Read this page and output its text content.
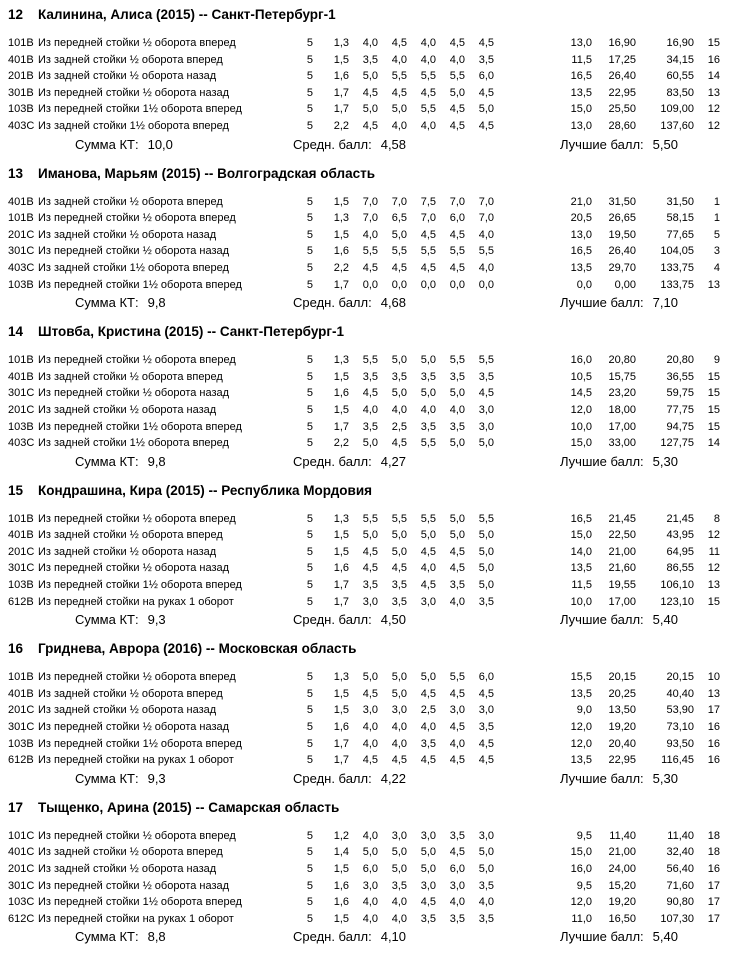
12	Калинина, Алиса (2015) -- Санкт-Петербург-1
101В Из передней стойки ½ оборота вперед	5	1,3	4,0	4,5	4,0	4,5	4,5	13,0	16,90	16,90	15
401В Из задней стойки ½ оборота вперед	5	1,5	3,5	4,0	4,0	4,0	3,5	11,5	17,25	34,15	16
201В Из задней стойки ½ оборота назад	5	1,6	5,0	5,5	5,5	5,5	6,0	16,5	26,40	60,55	14
301В Из передней стойки ½ оборота назад	5	1,7	4,5	4,5	4,5	5,0	4,5	13,5	22,95	83,50	13
103В Из передней стойки 1½ оборота вперед	5	1,7	5,0	5,0	5,5	4,5	5,0	15,0	25,50	109,00	12
403С Из задней стойки 1½ оборота вперед	5	2,2	4,5	4,0	4,0	4,5	4,5	13,0	28,60	137,60	12
Сумма КТ: 10,0	Средн. балл: 4,58	Лучшие балл: 5,50
13	Иманова, Марьям (2015) -- Волгоградская область
401В Из задней стойки ½ оборота вперед	5	1,5	7,0	7,0	7,5	7,0	7,0	21,0	31,50	31,50	1
101В Из передней стойки ½ оборота вперед	5	1,3	7,0	6,5	7,0	6,0	7,0	20,5	26,65	58,15	1
201С Из задней стойки ½ оборота назад	5	1,5	4,0	5,0	4,5	4,5	4,0	13,0	19,50	77,65	5
301С Из передней стойки ½ оборота назад	5	1,6	5,5	5,5	5,5	5,5	5,5	16,5	26,40	104,05	3
403С Из задней стойки 1½ оборота вперед	5	2,2	4,5	4,5	4,5	4,5	4,0	13,5	29,70	133,75	4
103В Из передней стойки 1½ оборота вперед	5	1,7	0,0	0,0	0,0	0,0	0,0	0,0	0,00	133,75	13
Сумма КТ: 9,8	Средн. балл: 4,68	Лучшие балл: 7,10
14	Штовба, Кристина (2015) -- Санкт-Петербург-1
101В Из передней стойки ½ оборота вперед	5	1,3	5,5	5,0	5,0	5,5	5,5	16,0	20,80	20,80	9
401В Из задней стойки ½ оборота вперед	5	1,5	3,5	3,5	3,5	3,5	3,5	10,5	15,75	36,55	15
301С Из передней стойки ½ оборота назад	5	1,6	4,5	5,0	5,0	5,0	4,5	14,5	23,20	59,75	15
201С Из задней стойки ½ оборота назад	5	1,5	4,0	4,0	4,0	4,0	3,0	12,0	18,00	77,75	15
103В Из передней стойки 1½ оборота вперед	5	1,7	3,5	2,5	3,5	3,5	3,0	10,0	17,00	94,75	15
403С Из задней стойки 1½ оборота вперед	5	2,2	5,0	4,5	5,5	5,0	5,0	15,0	33,00	127,75	14
Сумма КТ: 9,8	Средн. балл: 4,27	Лучшие балл: 5,30
15	Кондрашина, Кира (2015) -- Республика Мордовия
101В Из передней стойки ½ оборота вперед	5	1,3	5,5	5,5	5,5	5,0	5,5	16,5	21,45	21,45	8
401В Из задней стойки ½ оборота вперед	5	1,5	5,0	5,0	5,0	5,0	5,0	15,0	22,50	43,95	12
201С Из задней стойки ½ оборота назад	5	1,5	4,5	5,0	4,5	4,5	5,0	14,0	21,00	64,95	11
301С Из передней стойки ½ оборота назад	5	1,6	4,5	4,5	4,0	4,5	5,0	13,5	21,60	86,55	12
103В Из передней стойки 1½ оборота вперед	5	1,7	3,5	3,5	4,5	3,5	5,0	11,5	19,55	106,10	13
612В Из передней стойки на руках 1 оборот	5	1,7	3,0	3,5	3,0	4,0	3,5	10,0	17,00	123,10	15
Сумма КТ: 9,3	Средн. балл: 4,50	Лучшие балл: 5,40
16	Гриднева, Аврора (2016) -- Московская область
101В Из передней стойки ½ оборота вперед	5	1,3	5,0	5,0	5,0	5,5	6,0	15,5	20,15	20,15	10
401В Из задней стойки ½ оборота вперед	5	1,5	4,5	5,0	4,5	4,5	4,5	13,5	20,25	40,40	13
201С Из задней стойки ½ оборота назад	5	1,5	3,0	3,0	2,5	3,0	3,0	9,0	13,50	53,90	17
301С Из передней стойки ½ оборота назад	5	1,6	4,0	4,0	4,0	4,5	3,5	12,0	19,20	73,10	16
103В Из передней стойки 1½ оборота вперед	5	1,7	4,0	4,0	3,5	4,0	4,5	12,0	20,40	93,50	16
612В Из передней стойки на руках 1 оборот	5	1,7	4,5	4,5	4,5	4,5	4,5	13,5	22,95	116,45	16
Сумма КТ: 9,3	Средн. балл: 4,22	Лучшие балл: 5,30
17	Тыщенко, Арина (2015) -- Самарская область
101С Из передней стойки ½ оборота вперед	5	1,2	4,0	3,0	3,0	3,5	3,0	9,5	11,40	11,40	18
401С Из задней стойки ½ оборота вперед	5	1,4	5,0	5,0	5,0	4,5	5,0	15,0	21,00	32,40	18
201С Из задней стойки ½ оборота назад	5	1,5	6,0	5,0	5,0	6,0	5,0	16,0	24,00	56,40	16
301С Из передней стойки ½ оборота назад	5	1,6	3,0	3,5	3,0	3,0	3,5	9,5	15,20	71,60	17
103С Из передней стойки 1½ оборота вперед	5	1,6	4,0	4,0	4,5	4,0	4,0	12,0	19,20	90,80	17
612С Из передней стойки на руках 1 оборот	5	1,5	4,0	4,0	3,5	3,5	3,5	11,0	16,50	107,30	17
Сумма КТ: 8,8	Средн. балл: 4,10	Лучшие балл: 5,40
